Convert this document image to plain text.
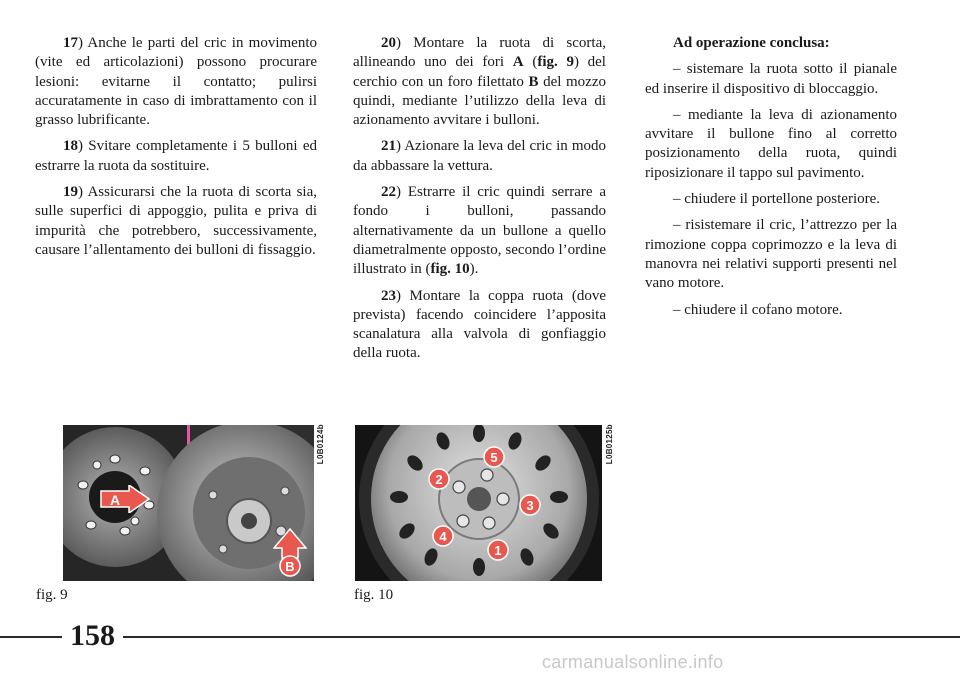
17) Anche le parti del cric in movimento (vite ed articolazioni) possono procurare lesioni: evitarne il contatto; pulirsi accuratamente in caso di imbrattamento con il grasso lubrificante.

18) Svitare completamente i 5 bulloni ed estrarre la ruota da sostituire.

19) Assicurarsi che la ruota di scorta sia, sulle superfici di appoggio, pulita e priva di impurità che potrebbero, successivamente, causare l’allentamento dei bulloni di fissaggio.

20) Montare la ruota di scorta, allineando uno dei fori A (fig. 9) del cerchio con un foro filettato B del mozzo quindi, mediante l’utilizzo della leva di azionamento avvitare i bulloni.

21) Azionare la leva del cric in modo da abbassare la vettura.

22) Estrarre il cric quindi serrare a fondo i bulloni, passando alternativamente da un bullone a quello diametralmente opposto, secondo l’ordine illustrato in (fig. 10).

23) Montare la coppa ruota (dove prevista) facendo coincidere l’apposita scanalatura alla valvola di gonfiaggio della ruota.

Ad operazione conclusa:

– sistemare la ruota sotto il pianale ed inserire il dispositivo di bloccaggio.

– mediante la leva di azionamento avvitare il bullone fino al corretto posizionamento della ruota, quindi riposizionare il tappo sul pavimento.

– chiudere il portellone posteriore.

– risistemare il cric, l’attrezzo per la rimozione coppa coprimozzo e la leva di manovra nei relativi supporti presenti nel vano motore.

– chiudere il cofano motore.

A
B
L0B0124b
fig. 9
1
2
3
4
5	L0B0125b
fig. 10
158
carmanualsonline.info
